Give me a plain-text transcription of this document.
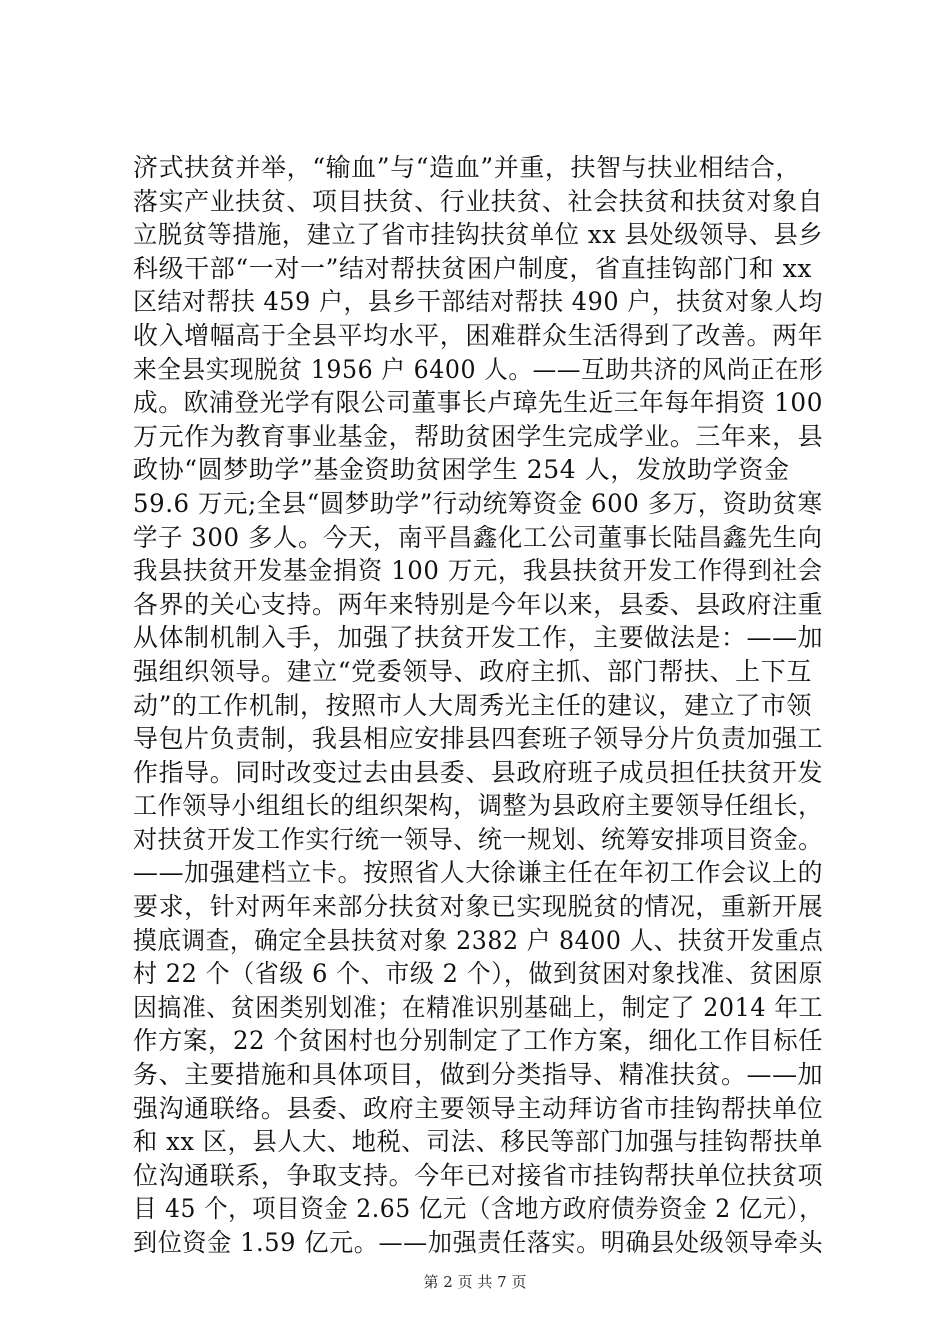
济式扶贫并举，“输血”与“造血”并重，扶智与扶业相结合，
落实产业扶贫、项目扶贫、行业扶贫、社会扶贫和扶贫对象自
立脱贫等措施，建立了省市挂钩扶贫单位 xx 县处级领导、县乡
科级干部“一对一”结对帮扶贫困户制度，省直挂钩部门和 xx
区结对帮扶 459 户，县乡干部结对帮扶 490 户，扶贫对象人均
收入增幅高于全县平均水平，困难群众生活得到了改善。两年
来全县实现脱贫 1956 户 6400 人。——互助共济的风尚正在形
成。欧浦登光学有限公司董事长卢璋先生近三年每年捐资 100
万元作为教育事业基金，帮助贫困学生完成学业。三年来，县
政协“圆梦助学”基金资助贫困学生 254 人，发放助学资金
59.6 万元;全县“圆梦助学”行动统筹资金 600 多万，资助贫寒
学子 300 多人。今天，南平昌鑫化工公司董事长陆昌鑫先生向
我县扶贫开发基金捐资 100 万元，我县扶贫开发工作得到社会
各界的关心支持。两年来特别是今年以来，县委、县政府注重
从体制机制入手，加强了扶贫开发工作，主要做法是：——加
强组织领导。建立“党委领导、政府主抓、部门帮扶、上下互
动”的工作机制，按照市人大周秀光主任的建议，建立了市领
导包片负责制，我县相应安排县四套班子领导分片负责加强工
作指导。同时改变过去由县委、县政府班子成员担任扶贫开发
工作领导小组组长的组织架构，调整为县政府主要领导任组长，
对扶贫开发工作实行统一领导、统一规划、统筹安排项目资金。
——加强建档立卡。按照省人大徐谦主任在年初工作会议上的
要求，针对两年来部分扶贫对象已实现脱贫的情况，重新开展
摸底调查，确定全县扶贫对象 2382 户 8400 人、扶贫开发重点
村 22 个（省级 6 个、市级 2 个），做到贫困对象找准、贫困原
因搞准、贫困类别划准；在精准识别基础上，制定了 2014 年工
作方案，22 个贫困村也分别制定了工作方案，细化工作目标任
务、主要措施和具体项目，做到分类指导、精准扶贫。——加
强沟通联络。县委、政府主要领导主动拜访省市挂钩帮扶单位
和 xx 区，县人大、地税、司法、移民等部门加强与挂钩帮扶单
位沟通联系，争取支持。今年已对接省市挂钩帮扶单位扶贫项
目 45 个，项目资金 2.65 亿元（含地方政府债券资金 2 亿元），
到位资金 1.59 亿元。——加强责任落实。明确县处级领导牵头
第 2 页 共 7 页
